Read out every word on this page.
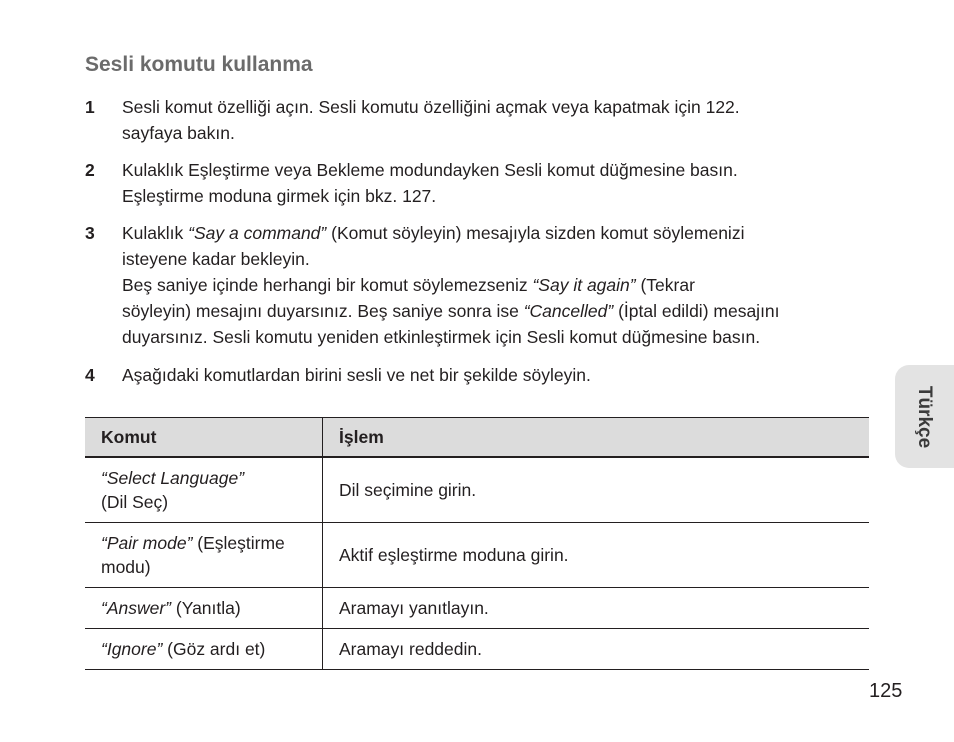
Sesli komutu kullanma
1	Sesli komut özelliği açın. Sesli komutu özelliğini açmak veya kapatmak için 122.
sayfaya bakın.
2	Kulaklık Eşleştirme veya Bekleme modundayken Sesli komut düğmesine basın.
Eşleştirme moduna girmek için bkz. 127.
3	Kulaklık “Say a command” (Komut söyleyin) mesajıyla sizden komut söylemenizi
isteyene kadar bekleyin.
Beş saniye içinde herhangi bir komut söylemezseniz “Say it again” (Tekrar
söyleyin) mesajını duyarsınız. Beş saniye sonra ise “Cancelled” (İptal edildi) mesajını
duyarsınız. Sesli komutu yeniden etkinleştirmek için Sesli komut düğmesine basın.
4	Aşağıdaki komutlardan birini sesli ve net bir şekilde söyleyin.
Komut	İşlem
“Select Language”
(Dil Seç)	Dil seçimine girin.
“Pair mode” (Eşleştirme modu)	Aktif eşleştirme moduna girin.
“Answer” (Yanıtla)	Aramayı yanıtlayın.
“Ignore” (Göz ardı et)	Aramayı reddedin.
Türkçe
125
